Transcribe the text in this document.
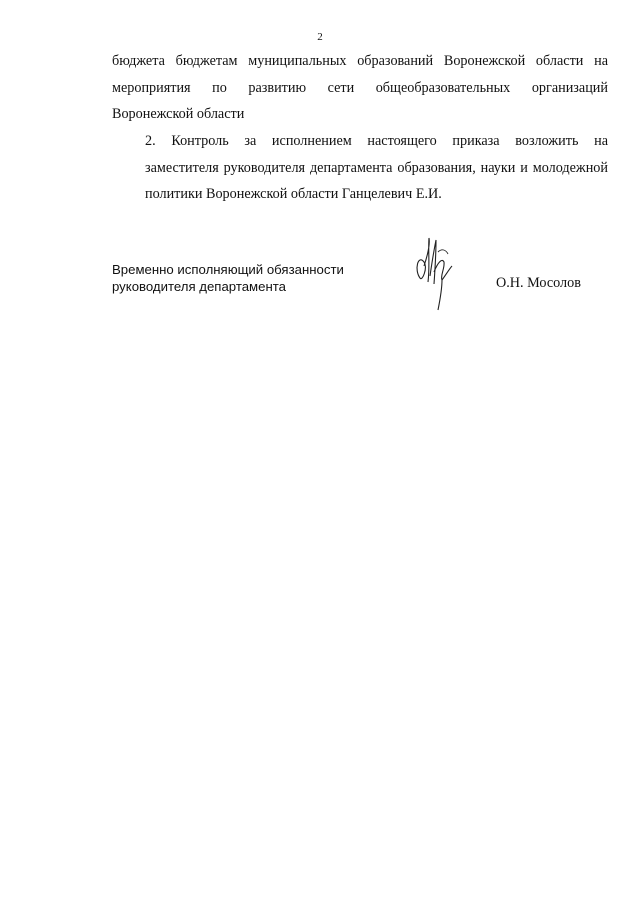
2
бюджета бюджетам муниципальных образований Воронежской области на
мероприятия по развитию сети общеобразовательных организаций
Воронежской области
2. Контроль за исполнением настоящего приказа возложить на
заместителя руководителя департамента образования, науки и молодежной
политики Воронежской области Ганцелевич Е.И.
Временно исполняющий обязанности
руководителя департамента	О.Н. Мосолов
